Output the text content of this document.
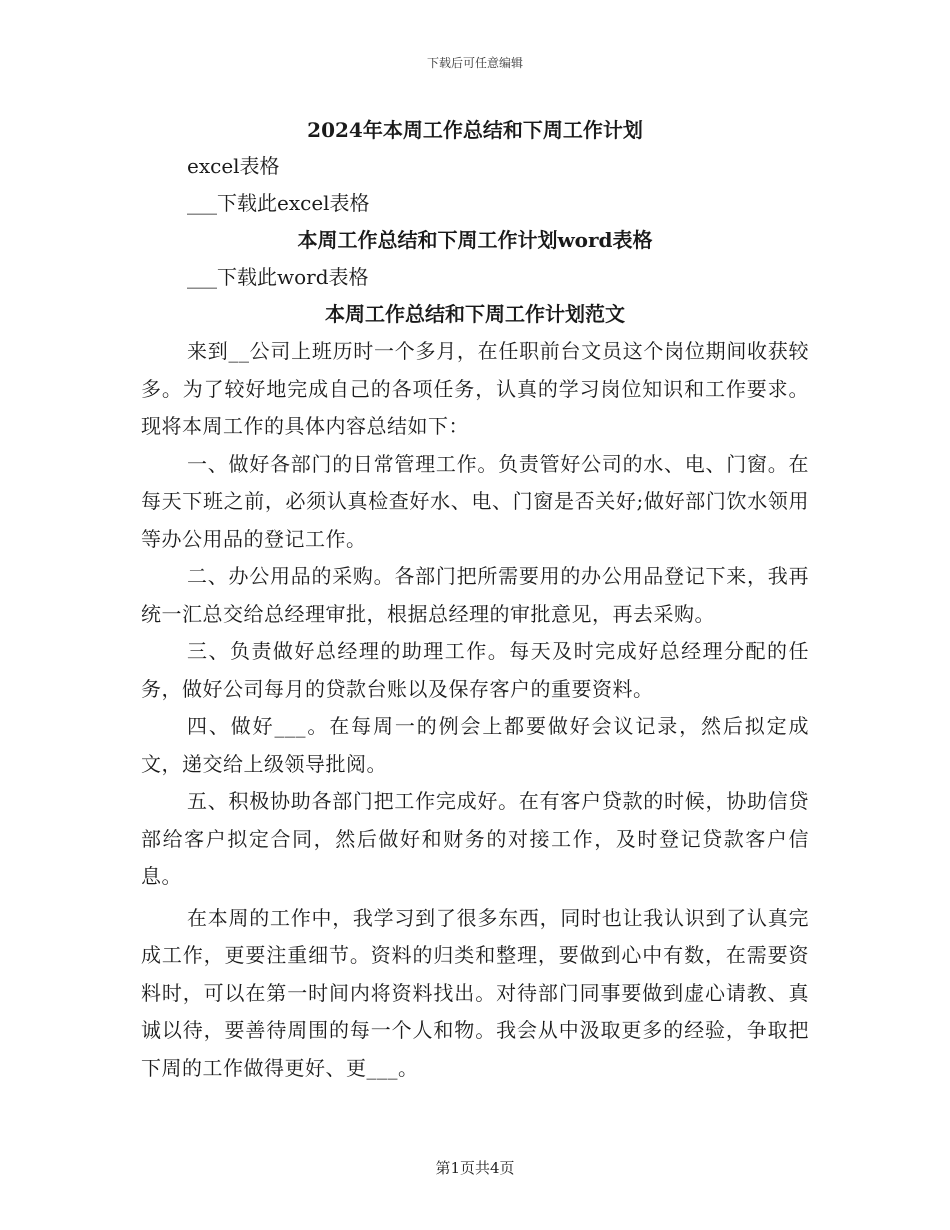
下载后可任意编辑
2024年本周工作总结和下周工作计划

excel表格

___下载此excel表格

本周工作总结和下周工作计划word表格

___下载此word表格

本周工作总结和下周工作计划范文

来到__公司上班历时一个多月，在任职前台文员这个岗位期间收获较多。为了较好地完成自己的各项任务，认真的学习岗位知识和工作要求。现将本周工作的具体内容总结如下：

一、做好各部门的日常管理工作。负责管好公司的水、电、门窗。在每天下班之前，必须认真检查好水、电、门窗是否关好;做好部门饮水领用等办公用品的登记工作。

二、办公用品的采购。各部门把所需要用的办公用品登记下来，我再统一汇总交给总经理审批，根据总经理的审批意见，再去采购。

三、负责做好总经理的助理工作。每天及时完成好总经理分配的任务，做好公司每月的贷款台账以及保存客户的重要资料。

四、做好___。在每周一的例会上都要做好会议记录，然后拟定成文，递交给上级领导批阅。

五、积极协助各部门把工作完成好。在有客户贷款的时候，协助信贷部给客户拟定合同，然后做好和财务的对接工作，及时登记贷款客户信息。

在本周的工作中，我学习到了很多东西，同时也让我认识到了认真完成工作，更要注重细节。资料的归类和整理，要做到心中有数，在需要资料时，可以在第一时间内将资料找出。对待部门同事要做到虚心请教、真诚以待，要善待周围的每一个人和物。我会从中汲取更多的经验，争取把下周的工作做得更好、更___。

第1页共4页
